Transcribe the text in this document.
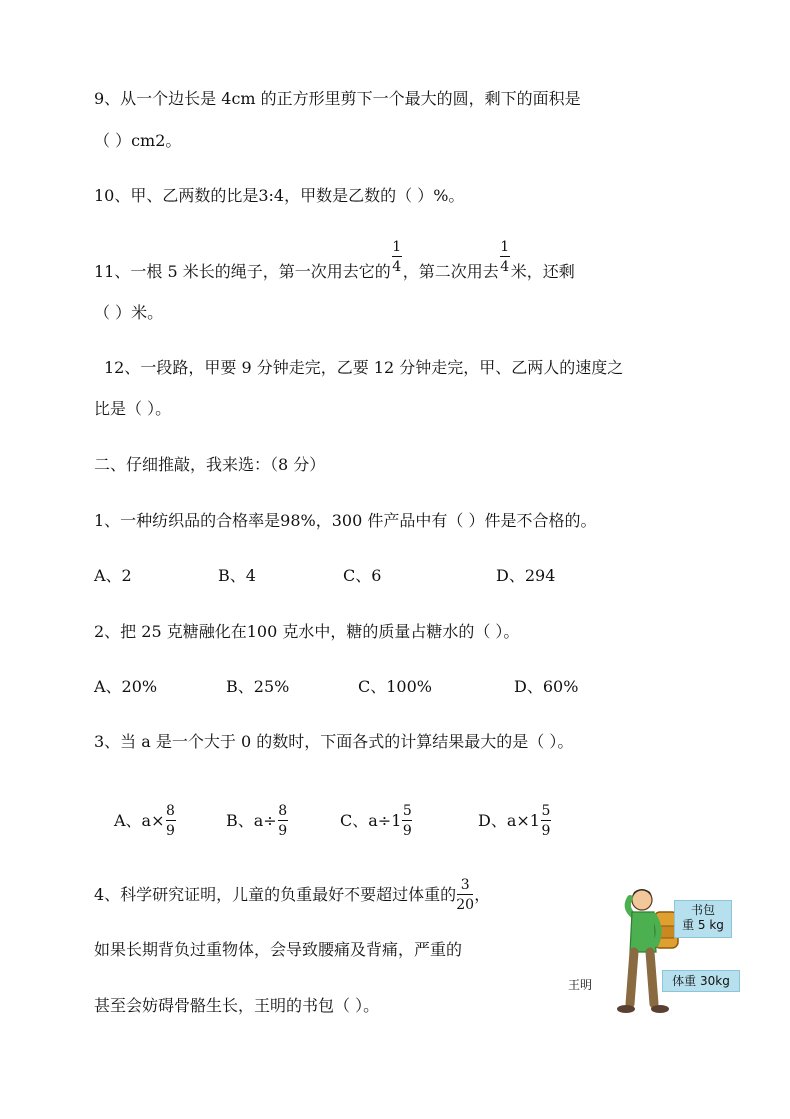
9、从一个边长是 4cm 的正方形里剪下一个最大的圆，剩下的面积是
（ ）cm2。
10、甲、乙两数的比是3:4，甲数是乙数的（ ）%。
11、一根 5 米长的绳子，第一次用去它的 $\frac{1}{4}$ ，第二次用去 $\frac{1}{4}$ 米，还剩
（ ）米。
12、一段路，甲要 9 分钟走完，乙要 12 分钟走完，甲、乙两人的速度之
比是（ ）。
二、仔细推敲，我来选：（8 分）
1、一种纺织品的合格率是98%，300 件产品中有（ ）件是不合格的。
A、2	B、4	C、6	D、294
2、把 25 克糖融化在100 克水中，糖的质量占糖水的（ ）。
A、20%	B、25%	C、100%	D、60%
3、当 a 是一个大于 0 的数时，下面各式的计算结果最大的是（ ）。
A、a×
$\frac{8}{9}$
B、a÷
$\frac{8}{9}$
C、a÷1
$\frac{5}{9}$
D、a×1
$\frac{5}{9}$
4、科学研究证明，儿童的负重最好不要超过体重的
$\frac{3}{20}$
，
如果长期背负过重物体，会导致腰痛及背痛，严重的
甚至会妨碍骨骼生长，王明的书包（ ）。
书包
重 5 kg
体重 30kg
王明
